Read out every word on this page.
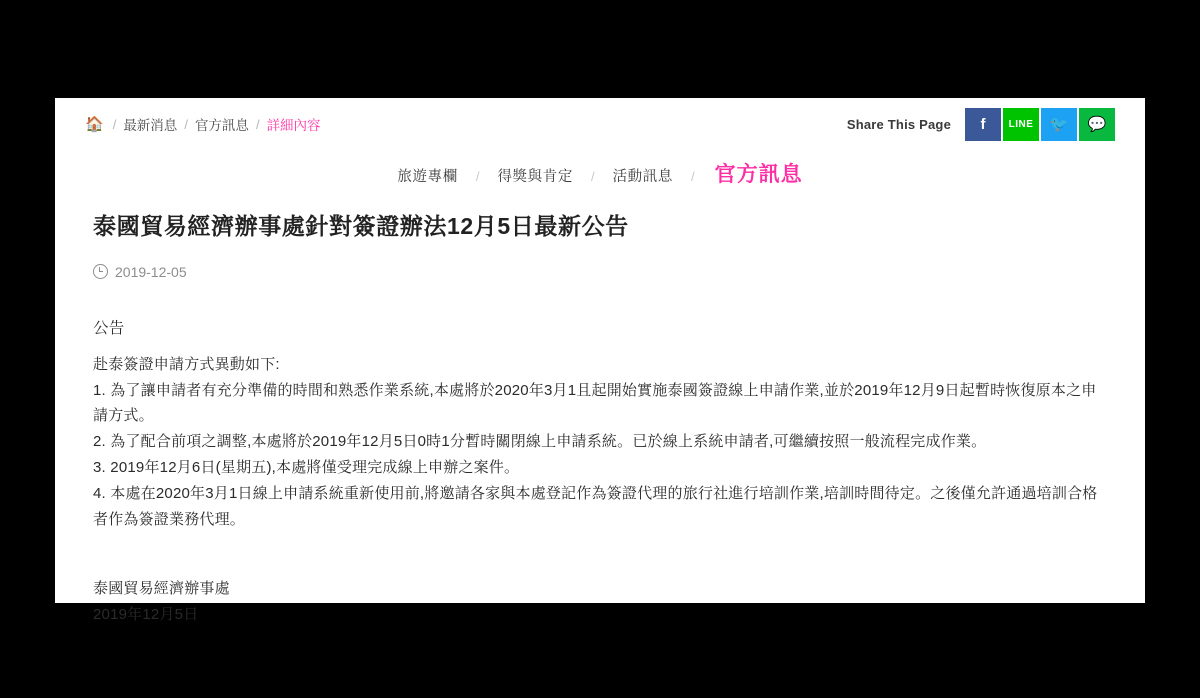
🏠 / 最新消息 / 官方訊息 / 詳細內容	Share This Page f LINE 🐦 💬
旅遊專欄	/	得獎與肯定	/	活動訊息	/ 官方訊息
泰國貿易經濟辦事處針對簽證辦法12月5日最新公告
2019-12-05
公告

赴泰簽證申請方式異動如下:
1. 為了讓申請者有充分準備的時間和熟悉作業系統,本處將於2020年3月1且起開始實施泰國簽證線上申請作業,並於2019年12月9日起暫時恢復原本之申請方式。
2. 為了配合前項之調整,本處將於2019年12月5日0時1分暫時關閉線上申請系統。已於線上系統申請者,可繼續按照一般流程完成作業。
3. 2019年12月6日(星期五),本處將僅受理完成線上申辦之案件。
4. 本處在2020年3月1日線上申請系統重新使用前,將邀請各家與本處登記作為簽證代理的旅行社進行培訓作業,培訓時間待定。之後僅允許通過培訓合格者作為簽證業務代理。

泰國貿易經濟辦事處
2019年12月5日
